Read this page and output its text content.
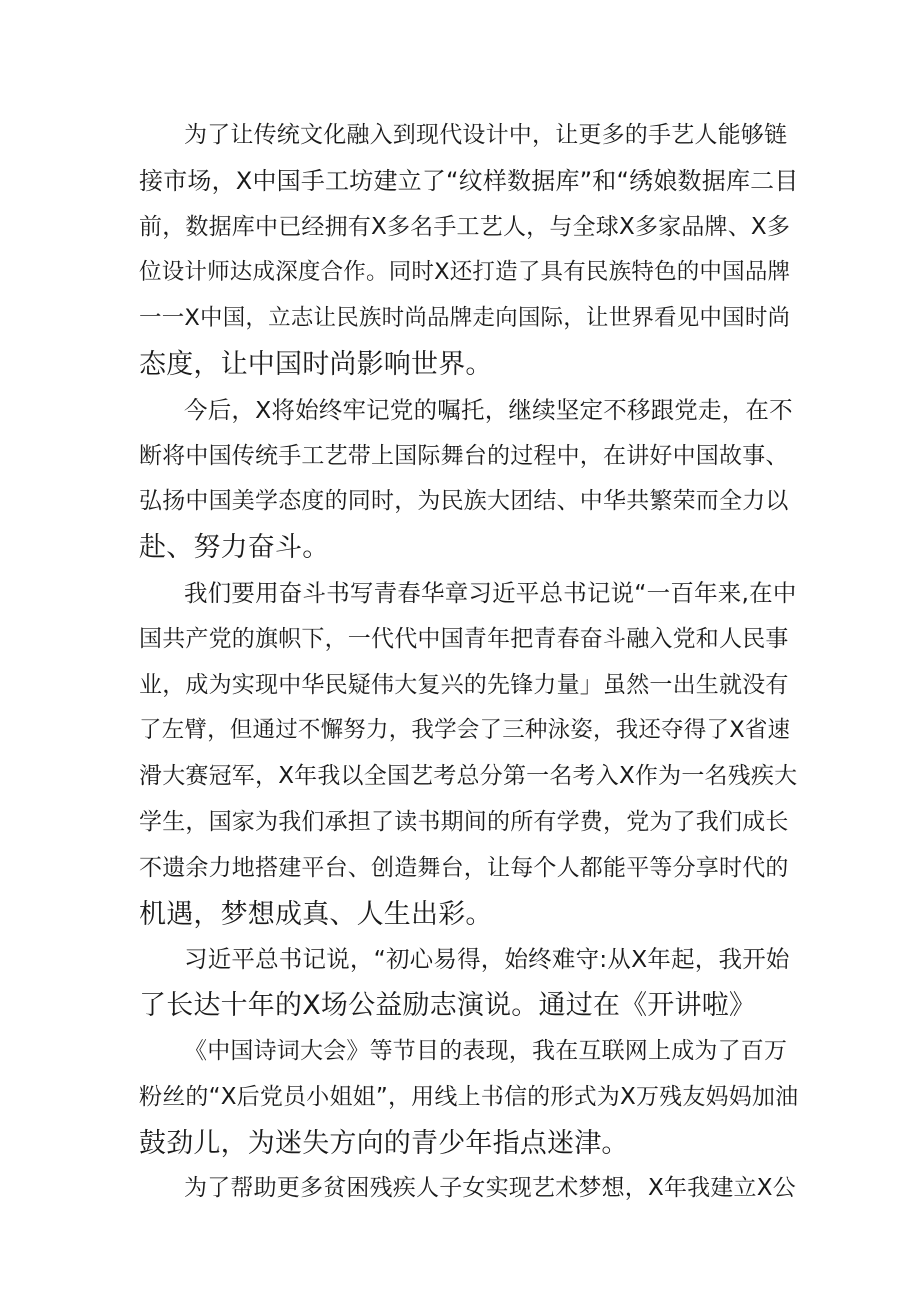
为了让传统文化融入到现代设计中，让更多的手艺人能够链
接市场，X中国手工坊建立了“纹样数据库”和“绣娘数据库二目
前，数据库中已经拥有X多名手工艺人，与全球X多家品牌、X多
位设计师达成深度合作。同时X还打造了具有民族特色的中国品牌
一一X中国，立志让民族时尚品牌走向国际，让世界看见中国时尚
态度，让中国时尚影响世界。
今后，X将始终牢记党的嘱托，继续坚定不移跟党走，在不
断将中国传统手工艺带上国际舞台的过程中，在讲好中国故事、
弘扬中国美学态度的同时，为民族大团结、中华共繁荣而全力以
赴、努力奋斗。
我们要用奋斗书写青春华章习近平总书记说“一百年来,在中
国共产党的旗帜下，一代代中国青年把青春奋斗融入党和人民事
业，成为实现中华民疑伟大复兴的先锋力量」虽然一出生就没有
了左臂，但通过不懈努力，我学会了三种泳姿，我还夺得了X省速
滑大赛冠军，X年我以全国艺考总分第一名考入X作为一名残疾大
学生，国家为我们承担了读书期间的所有学费，党为了我们成长
不遗余力地搭建平台、创造舞台，让每个人都能平等分享时代的
机遇，梦想成真、人生出彩。
习近平总书记说，“初心易得，始终难守:从X年起，我开始
了长达十年的X场公益励志演说。通过在《开讲啦》
《中国诗词大会》等节目的表现，我在互联网上成为了百万
粉丝的“X后党员小姐姐”，用线上书信的形式为X万残友妈妈加油
鼓劲儿，为迷失方向的青少年指点迷津。
为了帮助更多贫困残疾人子女实现艺术梦想，X年我建立X公
